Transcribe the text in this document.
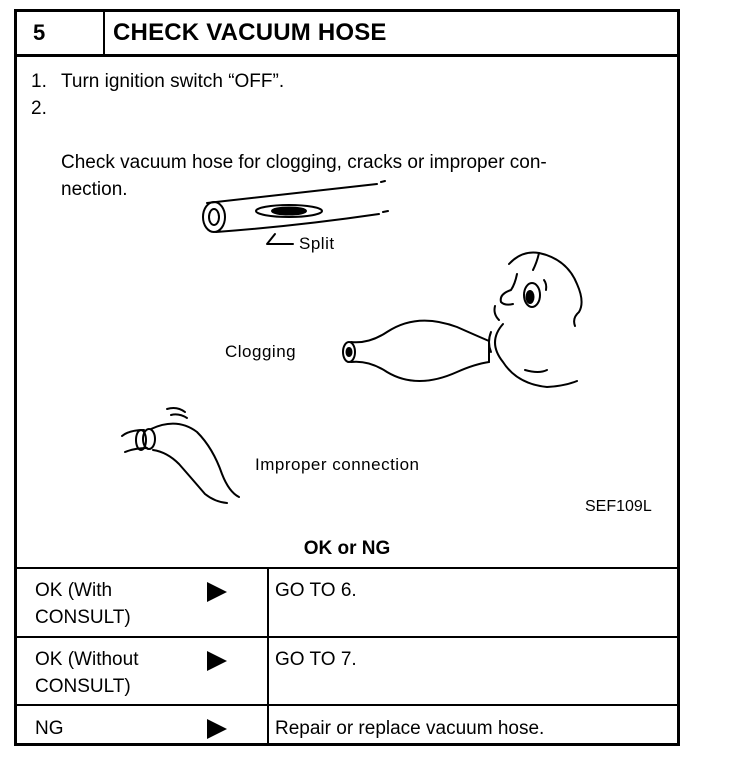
5	CHECK VACUUM HOSE
1. Turn ignition switch “OFF”.

2.

Check vacuum hose for clogging, cracks or improper con-
nection.

Split
Clogging
Improper connection
SEF109L
OK or NG
OK (With
CONSULT)
GO TO 6.
OK (Without
CONSULT)
GO TO 7.
NG	Repair or replace vacuum hose.
